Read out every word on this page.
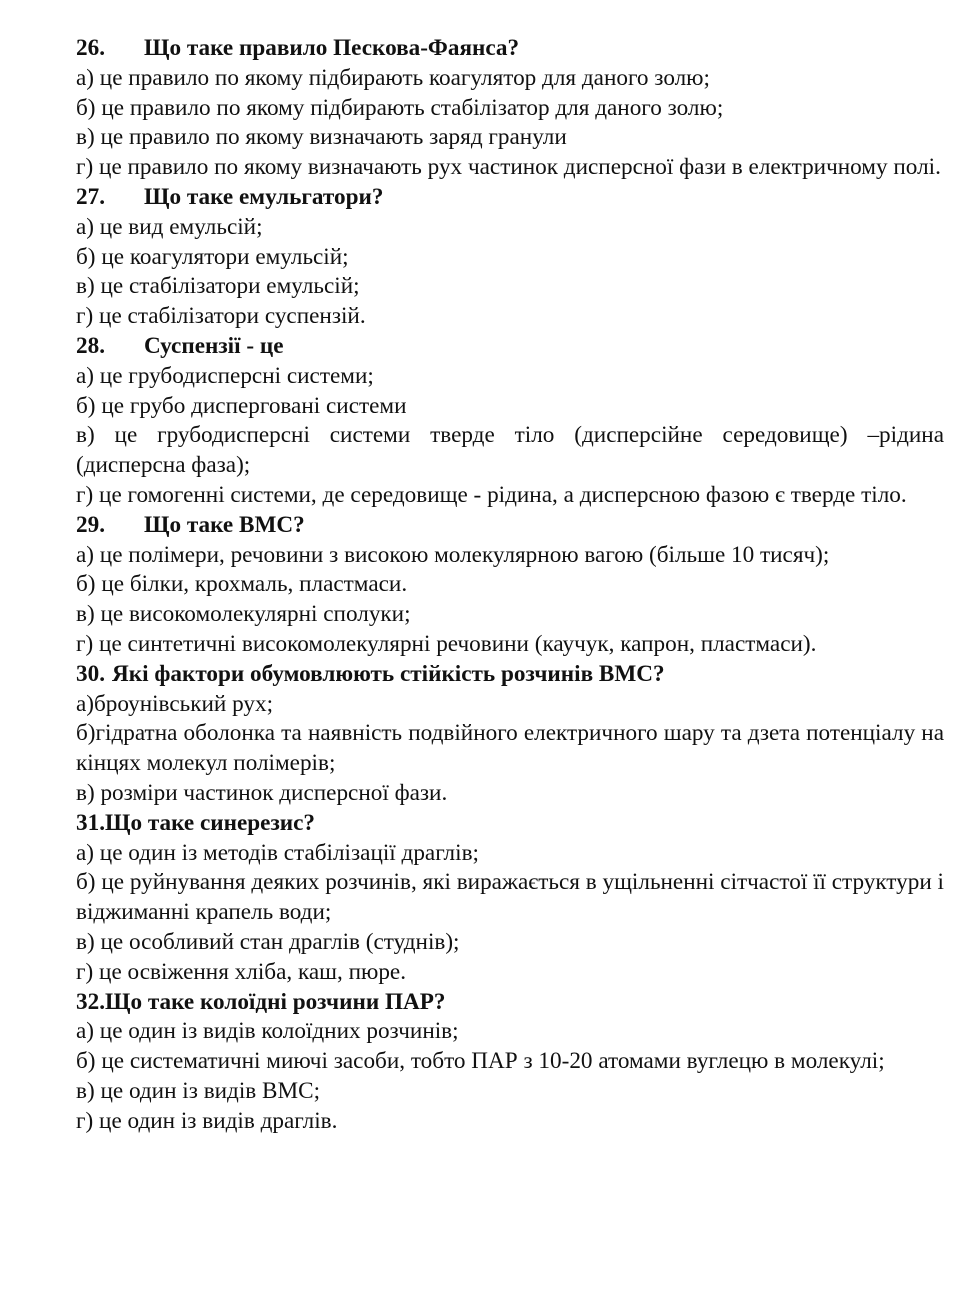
26. Що таке правило Пескова-Фаянса?
а) це правило по якому підбирають коагулятор для даного золю;
б) це правило по якому підбирають стабілізатор для даного золю;
в) це правило по якому визначають заряд гранули
г) це правило по якому визначають рух частинок дисперсної фази в електричному полі.
27. Що таке емульгатори?
а) це вид емульсій;
б) це коагулятори емульсій;
в) це стабілізатори емульсій;
г) це стабілізатори суспензій.
28. Суспензії - це
а) це грубодисперсні системи;
б) це грубо дисперговані системи
в) це грубодисперсні системи тверде тіло (дисперсійне середовище) –рідина (дисперсна фаза);
г) це гомогенні системи, де середовище - рідина, а дисперсною фазою є тверде тіло.
29. Що таке ВМС?
а) це полімери, речовини з високою молекулярною вагою (більше 10 тисяч);
б) це білки, крохмаль, пластмаси.
в) це високомолекулярні сполуки;
г) це синтетичні високомолекулярні речовини (каучук, капрон, пластмаси).
30. Які фактори обумовлюють стійкість розчинів ВМС?
а)броунівський рух;
б)гідратна оболонка та наявність подвійного електричного шару та дзета потенціалу на кінцях молекул полімерів;
в) розміри частинок дисперсної фази.
31.Що таке синерезис?
а) це один із методів стабілізації драглів;
б) це руйнування деяких розчинів, які виражається в ущільненні сітчастої її структури і віджиманні крапель води;
в) це особливий стан драглів (студнів);
г) це освіження хліба, каш, пюре.
32.Що таке колоїдні розчини ПАР?
а) це один із видів колоїдних розчинів;
б) це систематичні миючі засоби, тобто ПАР з 10-20 атомами вуглецю в молекулі;
в) це один із видів ВМС;
г) це один із видів драглів.
